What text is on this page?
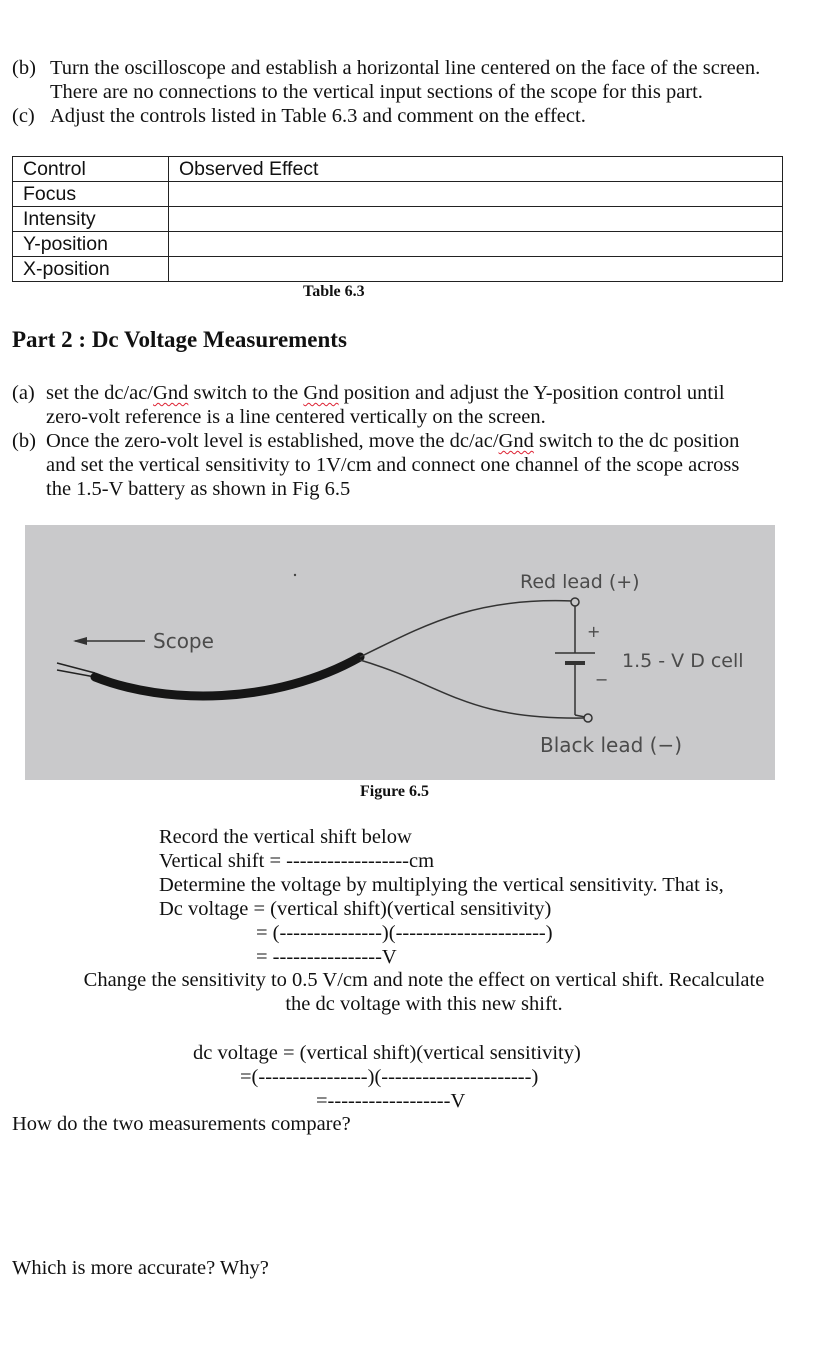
(b) Turn the oscilloscope and establish a horizontal line centered on the face of the screen.
There are no connections to the vertical input sections of the scope for this part.
(c) Adjust the controls listed in Table 6.3 and comment on the effect.
Control	Observed Effect
Focus	
Intensity	
Y-position	
X-position	
Table 6.3
Part 2 : Dc Voltage Measurements
(a) set the dc/ac/Gnd switch to the Gnd position and adjust the Y-position control until
zero-volt reference is a line centered vertically on the screen.
(b) Once the zero-volt level is established, move the dc/ac/Gnd switch to the dc position
and set the vertical sensitivity to 1V/cm and connect one channel of the scope across
the 1.5-V battery as shown in Fig 6.5
Scope	+
−
Red lead (+)
1.5 - V D cell
Black lead (−)
Figure 6.5
Record the vertical shift below
Vertical shift = ------------------cm
Determine the voltage by multiplying the vertical sensitivity. That is,
Dc voltage = (vertical shift)(vertical sensitivity)
= (---------------)(----------------------)
= ----------------V
Change the sensitivity to 0.5 V/cm and note the effect on vertical shift. Recalculate
the dc voltage with this new shift.
dc voltage = (vertical shift)(vertical sensitivity)
=(----------------)(----------------------)
=------------------V
How do the two measurements compare?
Which is more accurate? Why?
